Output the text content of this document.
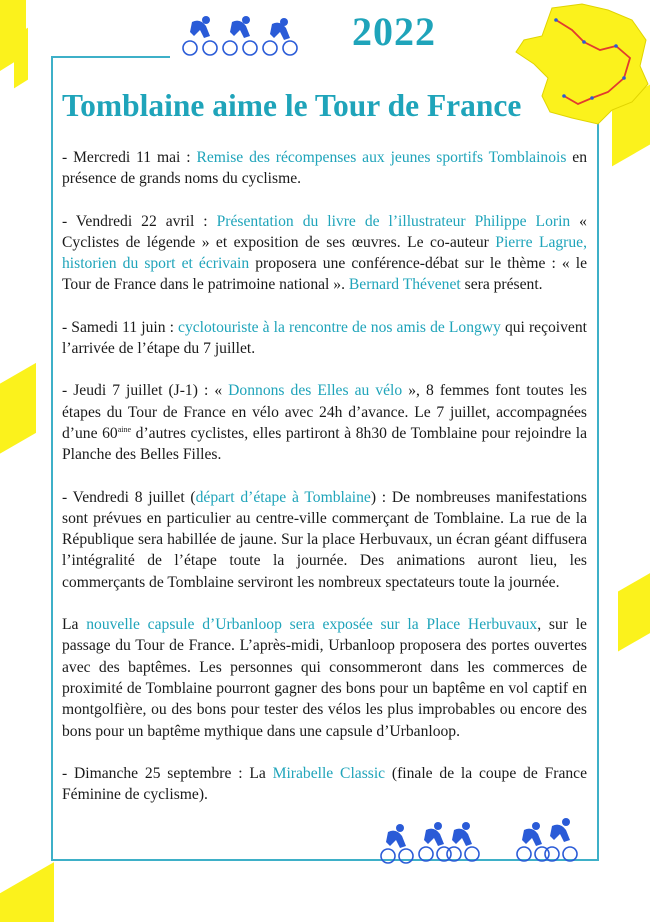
2022
Tomblaine aime le Tour de France

- Mercredi 11 mai : Remise des récompenses aux jeunes sportifs Tomblainois en présence de grands noms du cyclisme.

- Vendredi 22 avril : Présentation du livre de l’illustrateur Philippe Lorin « Cyclistes de légende » et exposition de ses œuvres. Le co-auteur Pierre Lagrue, historien du sport et écrivain proposera une conférence-débat sur le thème : « le Tour de France dans le patrimoine national ». Bernard Thévenet sera présent.

- Samedi 11 juin : cyclotouriste à la rencontre de nos amis de Longwy qui reçoivent l’arrivée de l’étape du 7 juillet.

- Jeudi 7 juillet (J-1) : « Donnons des Elles au vélo », 8 femmes font toutes les étapes du Tour de France en vélo avec 24h d’avance. Le 7 juillet, accompagnées d’une $60^{aine}$ d’autres cyclistes, elles partiront à 8h30 de Tomblaine pour rejoindre la Planche des Belles Filles.

- Vendredi 8 juillet (départ d’étape à Tomblaine) : De nombreuses manifestations sont prévues en particulier au centre-ville commerçant de Tomblaine. La rue de la République sera habillée de jaune. Sur la place Herbuvaux, un écran géant diffusera l’intégralité de l’étape toute la journée. Des animations auront lieu, les commerçants de Tomblaine serviront les nombreux spectateurs toute la journée.

La nouvelle capsule d’Urbanloop sera exposée sur la Place Herbuvaux, sur le passage du Tour de France. L’après-midi, Urbanloop proposera des portes ouvertes avec des baptêmes. Les personnes qui consommeront dans les commerces de proximité de Tomblaine pourront gagner des bons pour un baptême en vol captif en montgolfière, ou des bons pour tester des vélos les plus improbables ou encore des bons pour un baptême mythique dans une capsule d’Urbanloop.

- Dimanche 25 septembre : La Mirabelle Classic (finale de la coupe de France Féminine de cyclisme).
